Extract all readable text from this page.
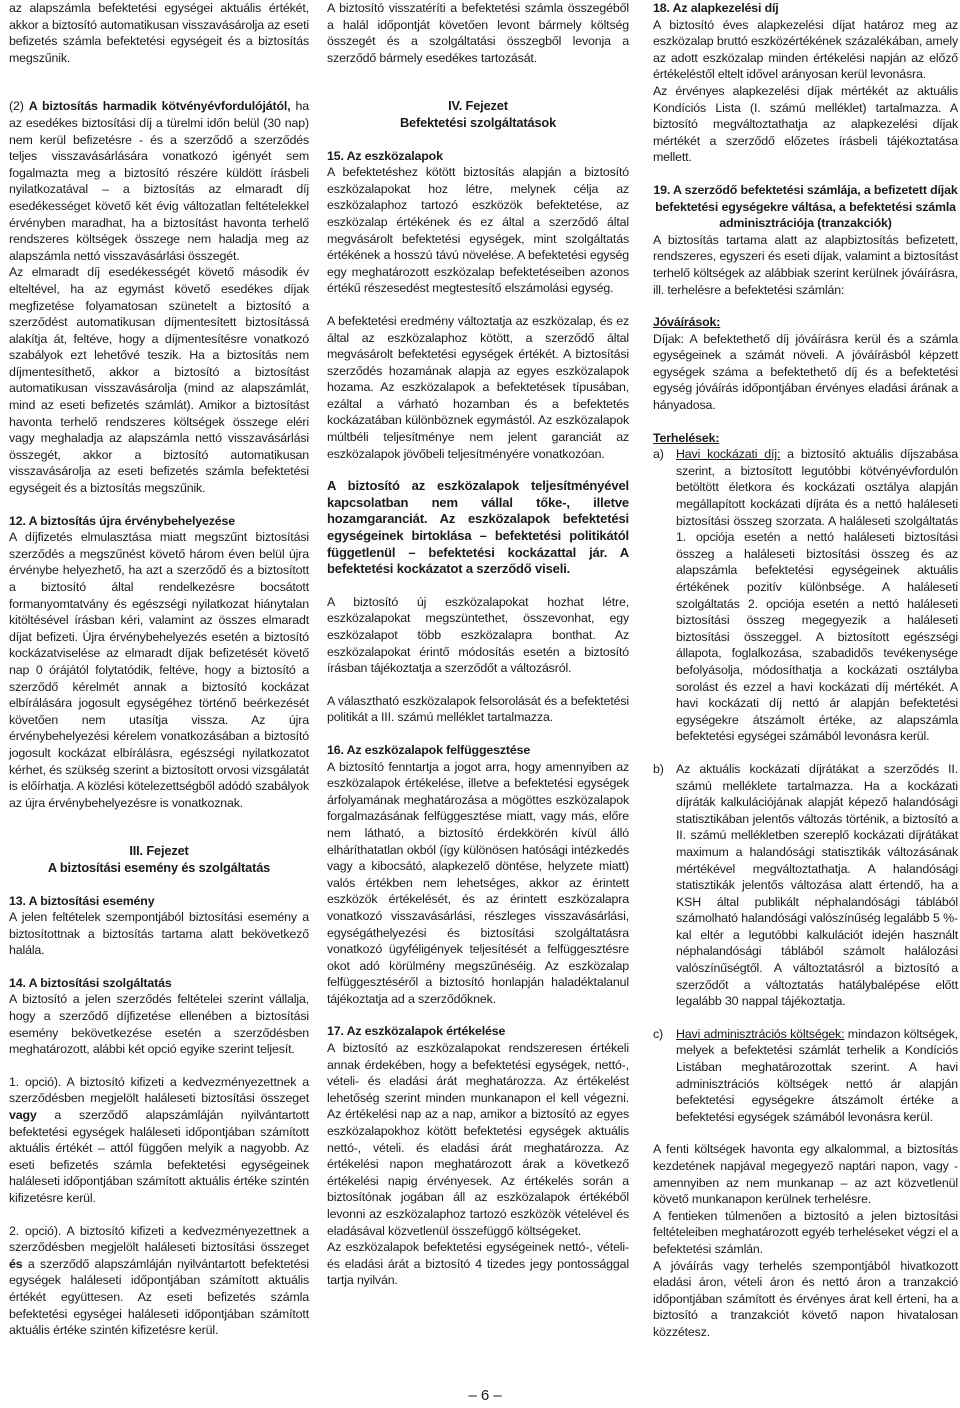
az alapszámla befektetési egységei aktuális értékét, akkor a biztosító automatikusan visszavásárolja az eseti befizetés számla befektetési egységeit és a biztosítás megszűnik.

(2) A biztosítás harmadik kötvényévfordulójától, ha az esedékes biztosítási díj a türelmi időn belül (30 nap) nem kerül befizetésre - és a szerződő a szerződés teljes visszavásárlására vonatkozó igényét sem fogalmazta meg a biztosító részére küldött írásbeli nyilatkozatával – a biztosítás az elmaradt díj esedékességet követő két évig változatlan feltételekkel érvényben maradhat, ha a biztosítást havonta terhelő rendszeres költségek összege nem haladja meg az alapszámla nettó visszavásárlási összegét.

Az elmaradt díj esedékességét követő második év elteltével, ha az egymást követő esedékes díjak megfizetése folyamatosan szünetelt a biztosító a szerződést automatikusan díjmentesített biztosítássá alakítja át, feltéve, hogy a díjmentesítésre vonatkozó szabályok ezt lehetővé teszik. Ha a biztosítás nem díjmentesíthető, akkor a biztosító a biztosítást automatikusan visszavásárolja (mind az alapszámlát, mind az eseti befizetés számlát). Amikor a biztosítást havonta terhelő rendszeres költségek összege eléri vagy meghaladja az alapszámla nettó visszavásárlási összegét, akkor a biztosító automatikusan visszavásárolja az eseti befizetés számla befektetési egységeit és a biztosítás megszűnik.

12. A biztosítás újra érvénybehelyezése

A díjfizetés elmulasztása miatt megszűnt biztosítási szerződés a megszűnést követő három éven belül újra érvénybe helyezhető, ha azt a szerződő és a biztosított a biztosító által rendelkezésre bocsátott formanyomtatvány és egészségi nyilatkozat hiánytalan kitöltésével írásban kéri, valamint az összes elmaradt díjat befizeti. Újra érvénybehelyezés esetén a biztosító kockázatviselése az elmaradt díjak befizetését követő nap 0 órájától folytatódik, feltéve, hogy a biztosító a szerződő kérelmét annak a biztosító kockázat elbírálására jogosult egységéhez történő beérkezését követően nem utasítja vissza. Az újra érvénybehelyezési kérelem vonatkozásában a biztosító jogosult kockázat elbírálásra, egészségi nyilatkozatot kérhet, és szükség szerint a biztosított orvosi vizsgálatát is előírhatja. A közlési kötelezettségből adódó szabályok az újra érvénybehelyezésre is vonatkoznak.

III. Fejezet
A biztosítási esemény és szolgáltatás

13. A biztosítási esemény

A jelen feltételek szempontjából biztosítási esemény a biztosítottnak a biztosítás tartama alatt bekövetkező halála.

14. A biztosítási szolgáltatás

A biztosító a jelen szerződés feltételei szerint vállalja, hogy a szerződő díjfizetése ellenében a biztosítási esemény bekövetkezése esetén a szerződésben meghatározott, alábbi két opció egyike szerint teljesít.

1. opció). A biztosító kifizeti a kedvezményezettnek a szerződésben megjelölt haláleseti biztosítási összeget vagy a szerződő alapszámláján nyilvántartott befektetési egységek haláleseti időpontjában számított aktuális értékét – attól függően melyik a nagyobb. Az eseti befizetés számla befektetési egységeinek haláleseti időpontjában számított aktuális értéke szintén kifizetésre kerül.

2. opció). A biztosító kifizeti a kedvezményezettnek a szerződésben megjelölt haláleseti biztosítási összeget és a szerződő alapszámláján nyilvántartott befektetési egységek haláleseti időpontjában számított aktuális értékét együttesen. Az eseti befizetés számla befektetési egységei haláleseti időpontjában számított aktuális értéke szintén kifizetésre kerül.

A biztosító visszatéríti a befektetési számla összegéből a halál időpontját követően levont bármely költség összegét és a szolgáltatási összegből levonja a szerződő bármely esedékes tartozását.

IV. Fejezet
Befektetési szolgáltatások

15. Az eszközalapok

A befektetéshez kötött biztosítás alapján a biztosító eszközalapokat hoz létre, melynek célja az eszközalaphoz tartozó eszközök befektetése, az eszközalap értékének és ez által a szerződő által megvásárolt befektetési egységek, mint szolgáltatás értékének a hosszú távú növelése. A befektetési egység egy meghatározott eszközalap befektetéseiben azonos értékű részesedést megtestesítő elszámolási egység.

A befektetési eredmény változtatja az eszközalap, és ez által az eszközalaphoz kötött, a szerződő által megvásárolt befektetési egységek értékét. A biztosítási szerződés hozamának alapja az egyes eszközalapok hozama. Az eszközalapok a befektetések típusában, ezáltal a várható hozamban és a befektetés kockázatában különböznek egymástól. Az eszközalapok múltbéli teljesítménye nem jelent garanciát az eszközalapok jövőbeli teljesítményére vonatkozóan.

A biztosító az eszközalapok teljesítményével kapcsolatban nem vállal tőke-, illetve hozamgaranciát. Az eszközalapok befektetési egységeinek birtoklása – befektetési politikától függetlenül – befektetési kockázattal jár. A befektetési kockázatot a szerződő viseli.

A biztosító új eszközalapokat hozhat létre, eszközalapokat megszüntethet, összevonhat, egy eszközalapot több eszközalapra bonthat. Az eszközalapokat érintő módosítás esetén a biztosító írásban tájékoztatja a szerződőt a változásról.

A választható eszközalapok felsorolását és a befektetési politikát a III. számú melléklet tartalmazza.

16. Az eszközalapok felfüggesztése

A biztosító fenntartja a jogot arra, hogy amennyiben az eszközalapok értékelése, illetve a befektetési egységek árfolyamának meghatározása a mögöttes eszközalapok forgalmazásának felfüggesztése miatt, vagy más, előre nem látható, a biztosító érdekkörén kívül álló elháríthatatlan okból (így különösen hatósági intézkedés vagy a kibocsátó, alapkezelő döntése, helyzete miatt) valós értékben nem lehetséges, akkor az érintett eszközök értékelését, és az érintett eszközalapra vonatkozó visszavásárlási, részleges visszavásárlási, egységáthelyezési és biztosítási szolgáltatásra vonatkozó ügyféligények teljesítését a felfüggesztésre okot adó körülmény megszűnéséig. Az eszközalap felfüggesztéséről a biztosító honlapján haladéktalanul tájékoztatja ad a szerződőknek.

17. Az eszközalapok értékelése

A biztosító az eszközalapokat rendszeresen értékeli annak érdekében, hogy a befektetési egységek, nettó-, vételi- és eladási árát meghatározza. Az értékelést lehetőség szerint minden munkanapon el kell végezni. Az értékelési nap az a nap, amikor a biztosító az egyes eszközalapokhoz kötött befektetési egységek aktuális nettó-, vételi. és eladási árát meghatározza. Az értékelési napon meghatározott árak a következő értékelési napig érvényesek. Az értékelés során a biztosítónak jogában áll az eszközalapok értékéből levonni az eszközalaphoz tartozó eszközök vételével és eladásával közvetlenül összefüggő költségeket.

Az eszközalapok befektetési egységeinek nettó-, vételi- és eladási árát a biztosító 4 tizedes jegy pontossággal tartja nyilván.

18. Az alapkezelési díj

A biztosító éves alapkezelési díjat határoz meg az eszközalap bruttó eszközértékének százalékában, amely az adott eszközalap minden értékelési napján az előző értékeléstől eltelt idővel arányosan kerül levonásra.

Az érvényes alapkezelési díjak mértékét az aktuális Kondíciós Lista (I. számú melléklet) tartalmazza. A biztosító megváltoztathatja az alapkezelési díjak mértékét a szerződő előzetes írásbeli tájékoztatása mellett.

19. A szerződő befektetési számlája, a befizetett díjak befektetési egységekre váltása, a befektetési számla adminisztrációja (tranzakciók)

A biztosítás tartama alatt az alapbiztosítás befizetett, rendszeres, egyszeri és eseti díjak, valamint a biztosítást terhelő költségek az alábbiak szerint kerülnek jóváírásra, ill. terhelésre a befektetési számlán:

Jóváírások:

Díjak: A befektethető díj jóváírásra kerül és a számla egységeinek a számát növeli. A jóváírásból képzett egységek száma a befektethető díj és a befektetési egység jóváírás időpontjában érvényes eladási árának a hányadosa.

Terhelések:

a) Havi kockázati díj: a biztosító aktuális díjszabása szerint, a biztosított legutóbbi kötvényévfordulón betöltött életkora és kockázati osztálya alapján megállapított kockázati díjráta és a nettó haláleseti biztosítási összeg szorzata. A haláleseti szolgáltatás 1. opciója esetén a nettó haláleseti biztosítási összeg a haláleseti biztosítási összeg és az alapszámla befektetési egységeinek aktuális értékének pozitív különbsége. A haláleseti szolgáltatás 2. opciója esetén a nettó haláleseti biztosítási összeg megegyezik a haláleseti biztosítási összeggel. A biztosított egészségi állapota, foglalkozása, szabadidős tevékenysége befolyásolja, módosíthatja a kockázati osztályba sorolást és ezzel a havi kockázati díj mértékét. A havi kockázati díj nettó ár alapján befektetési egységekre átszámolt értéke, az alapszámla befektetési egységei számából levonásra kerül.
b) Az aktuális kockázati díjrátákat a szerződés II. számú melléklete tartalmazza. Ha a kockázati díjráták kalkulációjának alapját képező halandósági statisztikában jelentős változás történik, a biztosító a II. számú mellékletben szereplő kockázati díjrátákat maximum a halandósági statisztikák változásának mértékével megváltoztathatja. A halandósági statisztikák jelentős változása alatt értendő, ha a KSH által publikált néphalandósági táblából számolható halandósági valószínűség legalább 5 %-kal eltér a legutóbbi kalkulációt idején használt néphalandósági táblából számolt halálozási valószínűségtől. A változtatásról a biztosító a szerződőt a változtatás hatálybalépése előtt legalább 30 nappal tájékoztatja.
c)	Havi adminisztrációs költségek: mindazon költségek, melyek a befektetési számlát terhelik a Kondíciós Listában meghatározottak szerint. A havi adminisztrációs költségek nettó ár alapján befektetési egységekre átszámolt értéke a befektetési egységek számából levonásra kerül.

A fenti költségek havonta egy alkalommal, a biztosítás kezdetének napjával megegyező naptári napon, vagy - amennyiben az nem munkanap – az azt közvetlenül követő munkanapon kerülnek terhelésre.

A fentieken túlmenően a biztosító a jelen biztosítási feltételeiben meghatározott egyéb terheléseket végzi el a befektetési számlán.

A jóváírás vagy terhelés szempontjából hivatkozott eladási áron, vételi áron és nettó áron a tranzakció időpontjában számított és érvényes árat kell érteni, ha a biztosító a tranzakciót követő napon hivatalosan közzétesz.

– 6 –
